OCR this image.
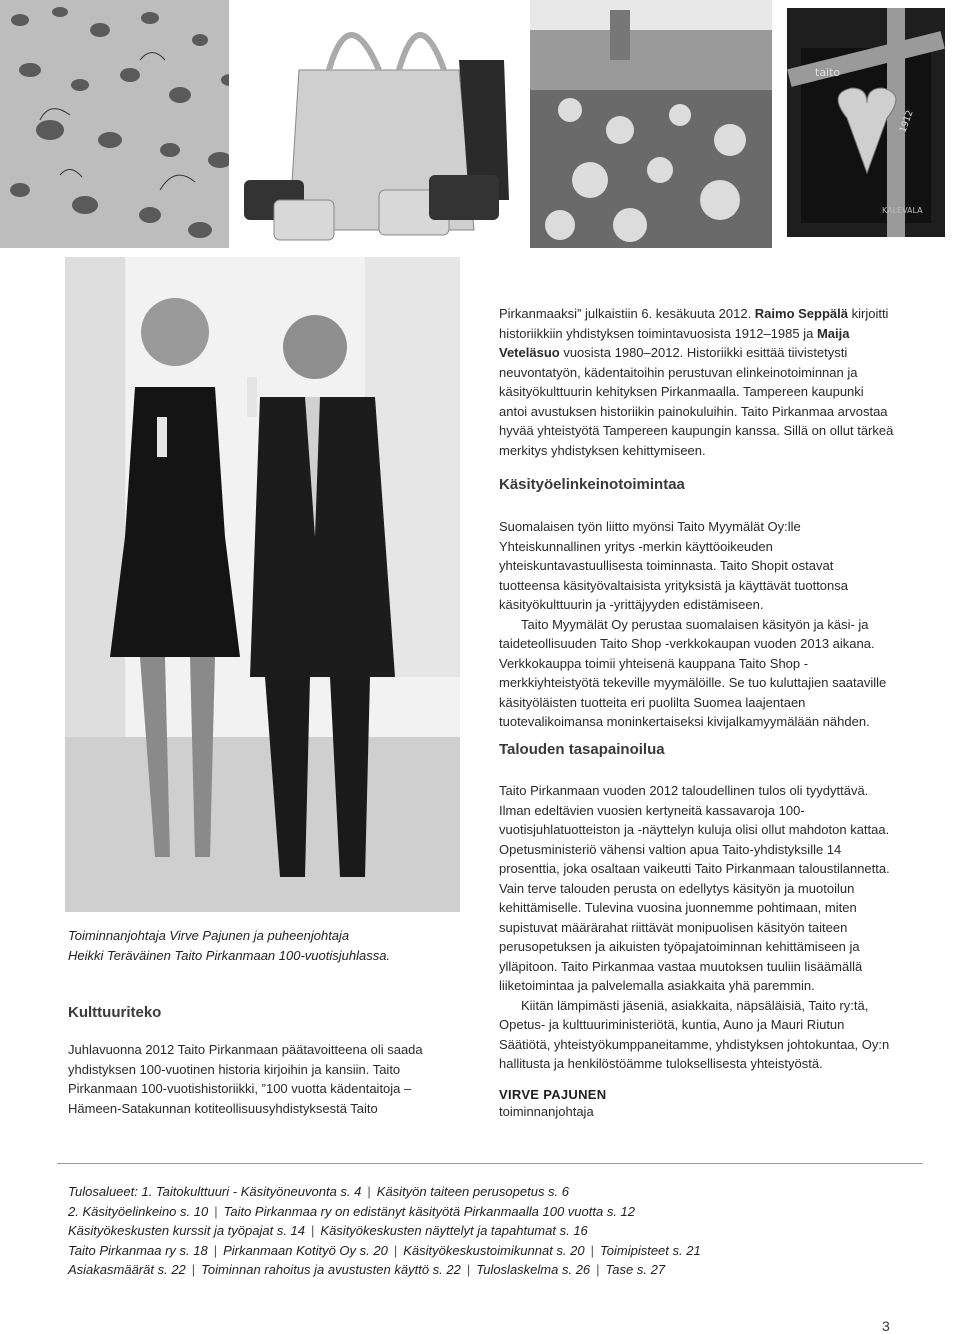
taito
1912
KALEVALA

Toiminnanjohtaja Virve Pajunen ja puheenjohtaja

Heikki Teräväinen Taito Pirkanmaan 100-vuotisjuhlassa.

Kulttuuriteko

Juhlavuonna 2012 Taito Pirkanmaan päätavoitteena oli saada yhdistyksen 100-vuotinen historia kirjoihin ja kansiin. Taito Pirkanmaan 100-vuotishistoriikki, ”100 vuotta kädentaitoja – Hämeen-Satakunnan kotiteollisuusyhdistyksestä Taito

Pirkanmaaksi” julkaistiin 6. kesäkuuta 2012. Raimo Seppälä kirjoitti historiikkiin yhdistyksen toimintavuosista 1912–1985 ja Maija Veteläsuo vuosista 1980–2012. Historiikki esittää tiivistetysti neuvontatyön, kädentaitoihin perustuvan elinkeinotoiminnan ja käsityökulttuurin kehityksen Pirkanmaalla. Tampereen kaupunki antoi avustuksen historiikin painokuluihin. Taito Pirkanmaa arvostaa hyvää yhteistyötä Tampereen kaupungin kanssa. Sillä on ollut tärkeä merkitys yhdistyksen kehittymiseen.

Käsityöelinkeinotoimintaa

Suomalaisen työn liitto myönsi Taito Myymälät Oy:lle Yhteiskunnallinen yritys -merkin käyttöoikeuden yhteiskuntavastuullisesta toiminnasta. Taito Shopit ostavat tuotteensa käsityövaltaisista yrityksistä ja käyttävät tuottonsa käsityökulttuurin ja -yrittäjyyden edistämiseen.

Taito Myymälät Oy perustaa suomalaisen käsityön ja käsi- ja taideteollisuuden Taito Shop -verkkokaupan vuoden 2013 aikana. Verkkokauppa toimii yhteisenä kauppana Taito Shop -merkkiyhteistyötä tekeville myymälöille. Se tuo kuluttajien saataville käsityöläisten tuotteita eri puolilta Suomea laajentaen tuotevalikoimansa moninkertaiseksi kivijalkamyymälään nähden.

Talouden tasapainoilua

Taito Pirkanmaan vuoden 2012 taloudellinen tulos oli tyydyttävä. Ilman edeltävien vuosien kertyneitä kassavaroja 100-vuotisjuhlatuotteiston ja -näyttelyn kuluja olisi ollut mahdoton kattaa. Opetusministeriö vähensi valtion apua Taito-yhdistyksille 14 prosenttia, joka osaltaan vaikeutti Taito Pirkanmaan taloustilannetta. Vain terve talouden perusta on edellytys käsityön ja muotoilun kehittämiselle. Tulevina vuosina juonnemme pohtimaan, miten supistuvat määrärahat riittävät monipuolisen käsityön taiteen perusopetuksen ja aikuisten työpajatoiminnan kehittämiseen ja ylläpitoon. Taito Pirkanmaa vastaa muutoksen tuuliin lisäämällä liiketoimintaa ja palvelemalla asiakkaita yhä paremmin.

Kiitän lämpimästi jäseniä, asiakkaita, näpsäläisiä, Taito ry:tä, Opetus- ja kulttuuriministeriötä, kuntia, Auno ja Mauri Riutun Säätiötä, yhteistyökumppaneitamme, yhdistyksen johtokuntaa, Oy:n hallitusta ja henkilöstöämme tuloksellisesta yhteistyöstä.

VIRVE PAJUNEN
toiminnanjohtaja
Tulosalueet: 1. Taitokulttuuri - Käsityöneuvonta s. 4 | Käsityön taiteen perusopetus s. 6
2. Käsityöelinkeino s. 10 | Taito Pirkanmaa ry on edistänyt käsityötä Pirkanmaalla 100 vuotta s. 12
Käsityökeskusten kurssit ja työpajat s. 14 | Käsityökeskusten näyttelyt ja tapahtumat s. 16
Taito Pirkanmaa ry s. 18 | Pirkanmaan Kotityö Oy s. 20 | Käsityökeskustoimikunnat s. 20 | Toimipisteet s. 21
Asiakasmäärät s. 22 | Toiminnan rahoitus ja avustusten käyttö s. 22 | Tuloslaskelma s. 26 | Tase s. 27
3
